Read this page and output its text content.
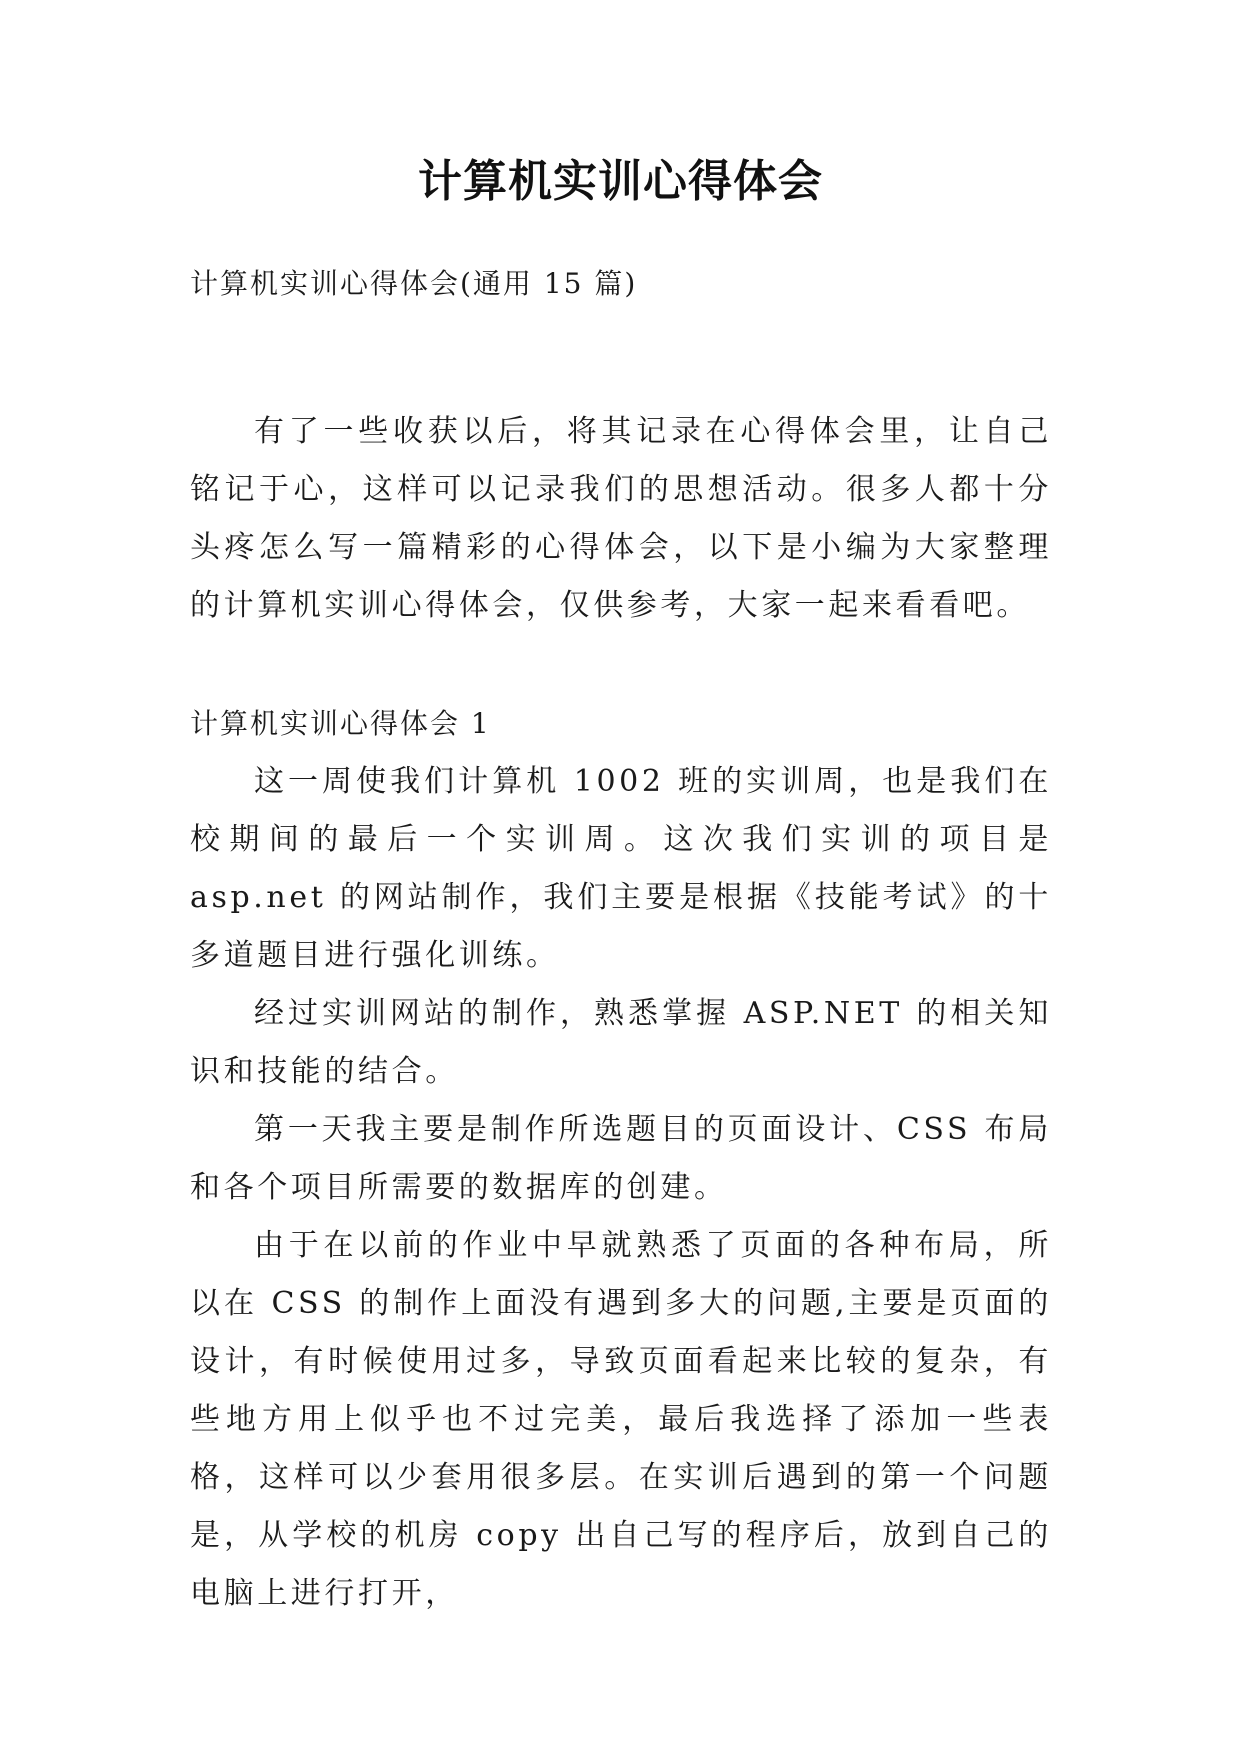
计算机实训心得体会

计算机实训心得体会(通用 15 篇)

有了一些收获以后，将其记录在心得体会里，让自己铭记于心，这样可以记录我们的思想活动。很多人都十分头疼怎么写一篇精彩的心得体会，以下是小编为大家整理的计算机实训心得体会，仅供参考，大家一起来看看吧。

计算机实训心得体会 1

这一周使我们计算机 1002 班的实训周，也是我们在校期间的最后一个实训周。这次我们实训的项目是 asp.net 的网站制作，我们主要是根据《技能考试》的十多道题目进行强化训练。

经过实训网站的制作，熟悉掌握 ASP.NET 的相关知识和技能的结合。

第一天我主要是制作所选题目的页面设计、CSS 布局和各个项目所需要的数据库的创建。

由于在以前的作业中早就熟悉了页面的各种布局，所以在 CSS 的制作上面没有遇到多大的问题,主要是页面的设计，有时候使用过多，导致页面看起来比较的复杂，有些地方用上似乎也不过完美，最后我选择了添加一些表格，这样可以少套用很多层。在实训后遇到的第一个问题是，从学校的机房 copy 出自己写的程序后，放到自己的电脑上进行打开，
